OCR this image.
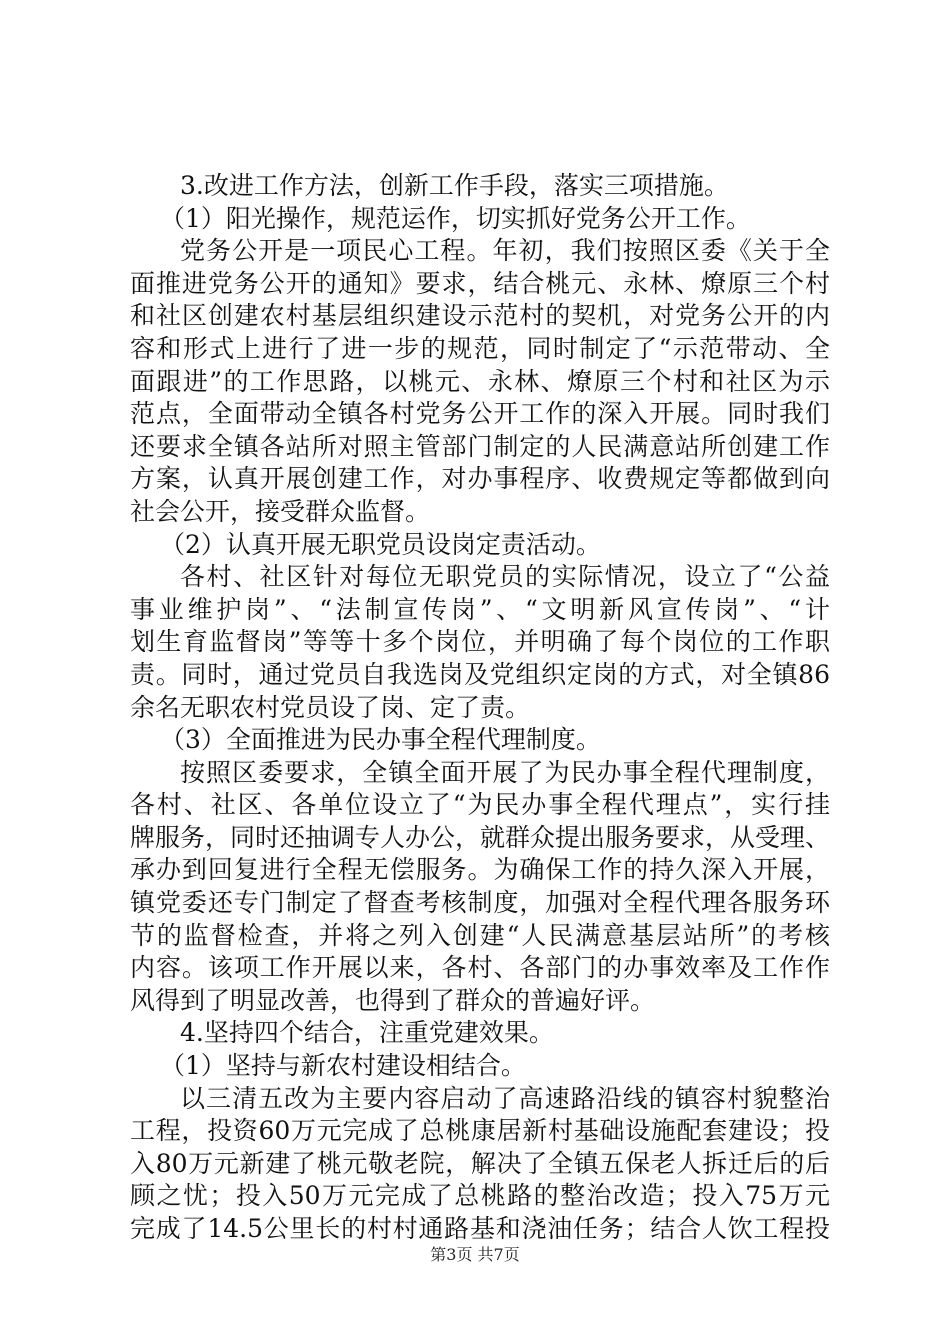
3.改进工作方法，创新工作手段，落实三项措施。
（1）阳光操作，规范运作，切实抓好党务公开工作。
党务公开是一项民心工程。年初，我们按照区委《关于全
面推进党务公开的通知》要求，结合桃元、永林、燎原三个村
和社区创建农村基层组织建设示范村的契机，对党务公开的内
容和形式上进行了进一步的规范，同时制定了“示范带动、全
面跟进”的工作思路，以桃元、永林、燎原三个村和社区为示
范点，全面带动全镇各村党务公开工作的深入开展。同时我们
还要求全镇各站所对照主管部门制定的人民满意站所创建工作
方案，认真开展创建工作，对办事程序、收费规定等都做到向
社会公开，接受群众监督。
（2）认真开展无职党员设岗定责活动。
各村、社区针对每位无职党员的实际情况，设立了“公益
事业维护岗”、“法制宣传岗”、“文明新风宣传岗”、“计
划生育监督岗”等等十多个岗位，并明确了每个岗位的工作职
责。同时，通过党员自我选岗及党组织定岗的方式，对全镇86
余名无职农村党员设了岗、定了责。
（3）全面推进为民办事全程代理制度。
按照区委要求，全镇全面开展了为民办事全程代理制度，
各村、社区、各单位设立了“为民办事全程代理点”，实行挂
牌服务，同时还抽调专人办公，就群众提出服务要求，从受理、
承办到回复进行全程无偿服务。为确保工作的持久深入开展，
镇党委还专门制定了督查考核制度，加强对全程代理各服务环
节的监督检查，并将之列入创建“人民满意基层站所”的考核
内容。该项工作开展以来，各村、各部门的办事效率及工作作
风得到了明显改善，也得到了群众的普遍好评。
4.坚持四个结合，注重党建效果。
（1）坚持与新农村建设相结合。
以三清五改为主要内容启动了高速路沿线的镇容村貌整治
工程，投资60万元完成了总桃康居新村基础设施配套建设；投
入80万元新建了桃元敬老院，解决了全镇五保老人拆迁后的后
顾之忧；投入50万元完成了总桃路的整治改造；投入75万元
完成了14.5公里长的村村通路基和浇油任务；结合人饮工程投
第3页 共7页
